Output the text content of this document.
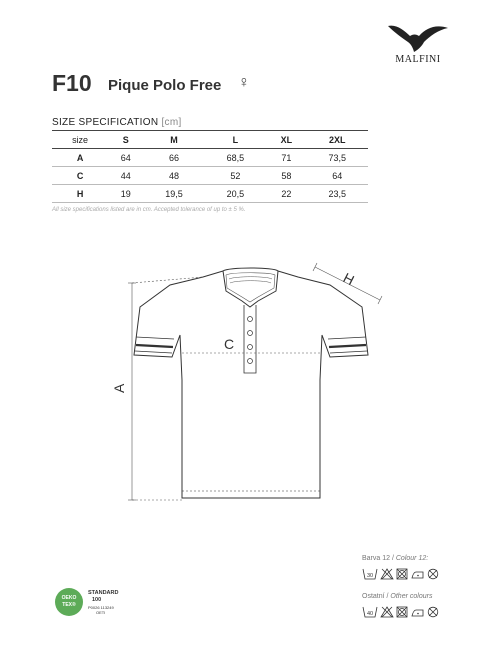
MALFINI
F10 Pique Polo Free ♀
SIZE SPECIFICATION [cm]
size	S	M	L	XL	2XL
A	64	66	68,5	71	73,5
C	44	48	52	58	64
H	19	19,5	20,5	22	23,5
All size specifications listed are in cm. Accepted tolerance of up to ± 5 %.
A
C
H
OEKO
TEX®
STANDARD
100
P0026 113249
OETI
Barva 12 / Colour 12:
30
Ostatní / Other colours
40
